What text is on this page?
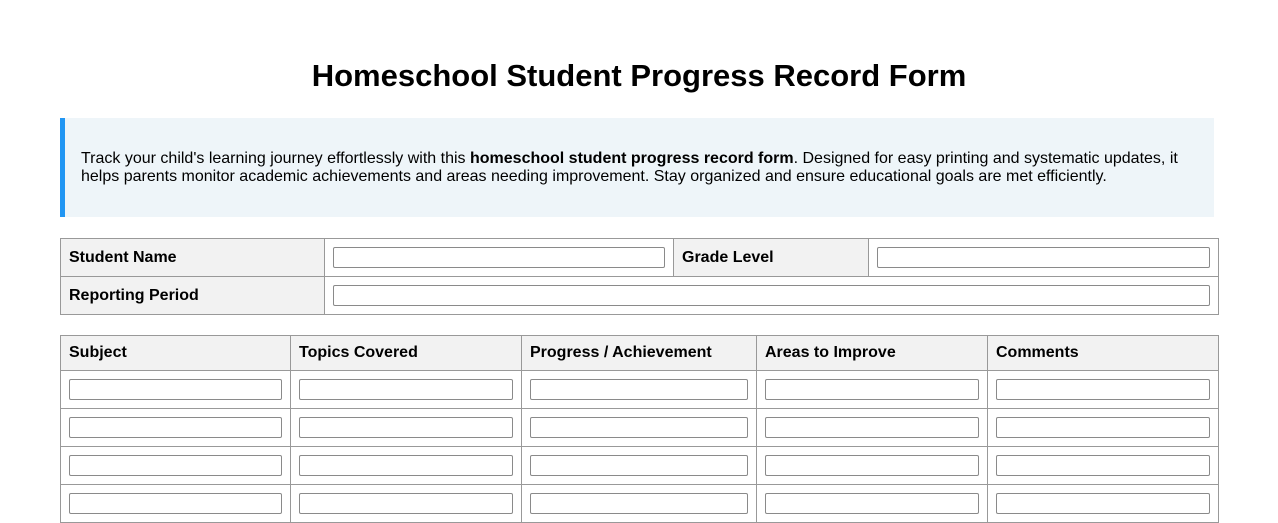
Homeschool Student Progress Record Form

Track your child's learning journey effortlessly with this homeschool student progress record form. Designed for easy printing and systematic updates, it helps parents monitor academic achievements and areas needing improvement. Stay organized and ensure educational goals are met efficiently.

Student Name		Grade Level	
Reporting Period	
Subject	Topics Covered	Progress / Achievement	Areas to Improve	Comments
